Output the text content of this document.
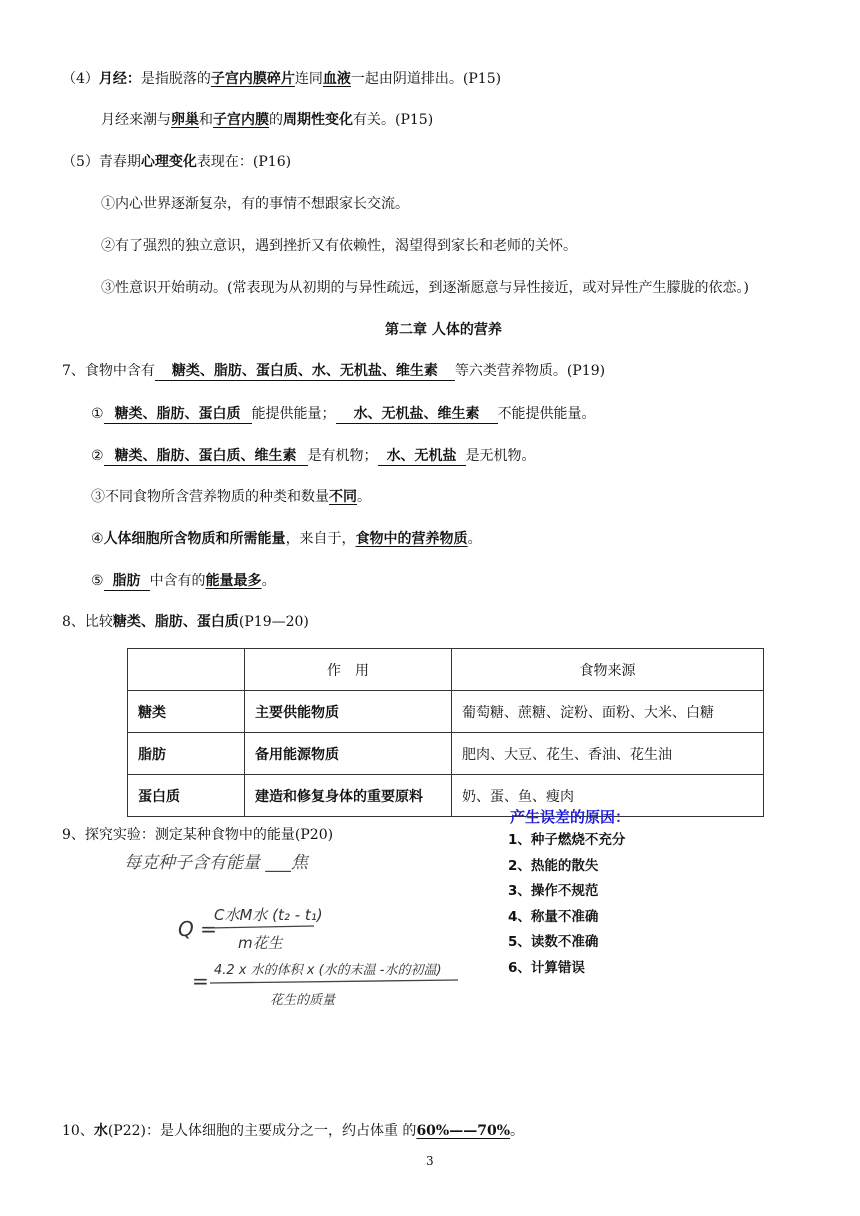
（4）月经：是指脱落的子宫内膜碎片连同血液一起由阴道排出。(P15)
月经来潮与卵巢和子宫内膜的周期性变化有关。(P15)
（5）青春期心理变化表现在：(P16)
①内心世界逐渐复杂，有的事情不想跟家长交流。
②有了强烈的独立意识，遇到挫折又有依赖性，渴望得到家长和老师的关怀。
③性意识开始萌动。(常表现为从初期的与异性疏远，到逐渐愿意与异性接近，或对异性产生朦胧的依恋。)
第二章 人体的营养
7、食物中含有 糖类、脂肪、蛋白质、水、无机盐、维生素 等六类营养物质。(P19)
① 糖类、脂肪、蛋白质 能提供能量； 水、无机盐、维生素 不能提供能量。
② 糖类、脂肪、蛋白质、维生素 是有机物； 水、无机盐 是无机物。
③不同食物所含营养物质的种类和数量不同。
④人体细胞所含物质和所需能量，来自于，食物中的营养物质。
⑤ 脂肪 中含有的能量最多。
8、比较糖类、脂肪、蛋白质(P19—20)
	作　用	食物来源
糖类	主要供能物质	葡萄糖、蔗糖、淀粉、面粉、大米、白糖
脂肪	备用能源物质	肥肉、大豆、花生、香油、花生油
蛋白质	建造和修复身体的重要原料	奶、蛋、鱼、瘦肉
9、探究实验：测定某种食物中的能量(P20)
产生误差的原因：
1、种子燃烧不充分
2、热能的散失
3、操作不规范
4、称量不准确
5、读数不准确
6、计算错误
每克种子含有能量 ___焦
Q =
C水M水 (t₂ - t₁)
m花生
= 4.2 x 水的体积 x (水的末温 -水的初温)
花生的质量
10、水(P22)：是人体细胞的主要成分之一，约占体重 的60%——70%。
3
